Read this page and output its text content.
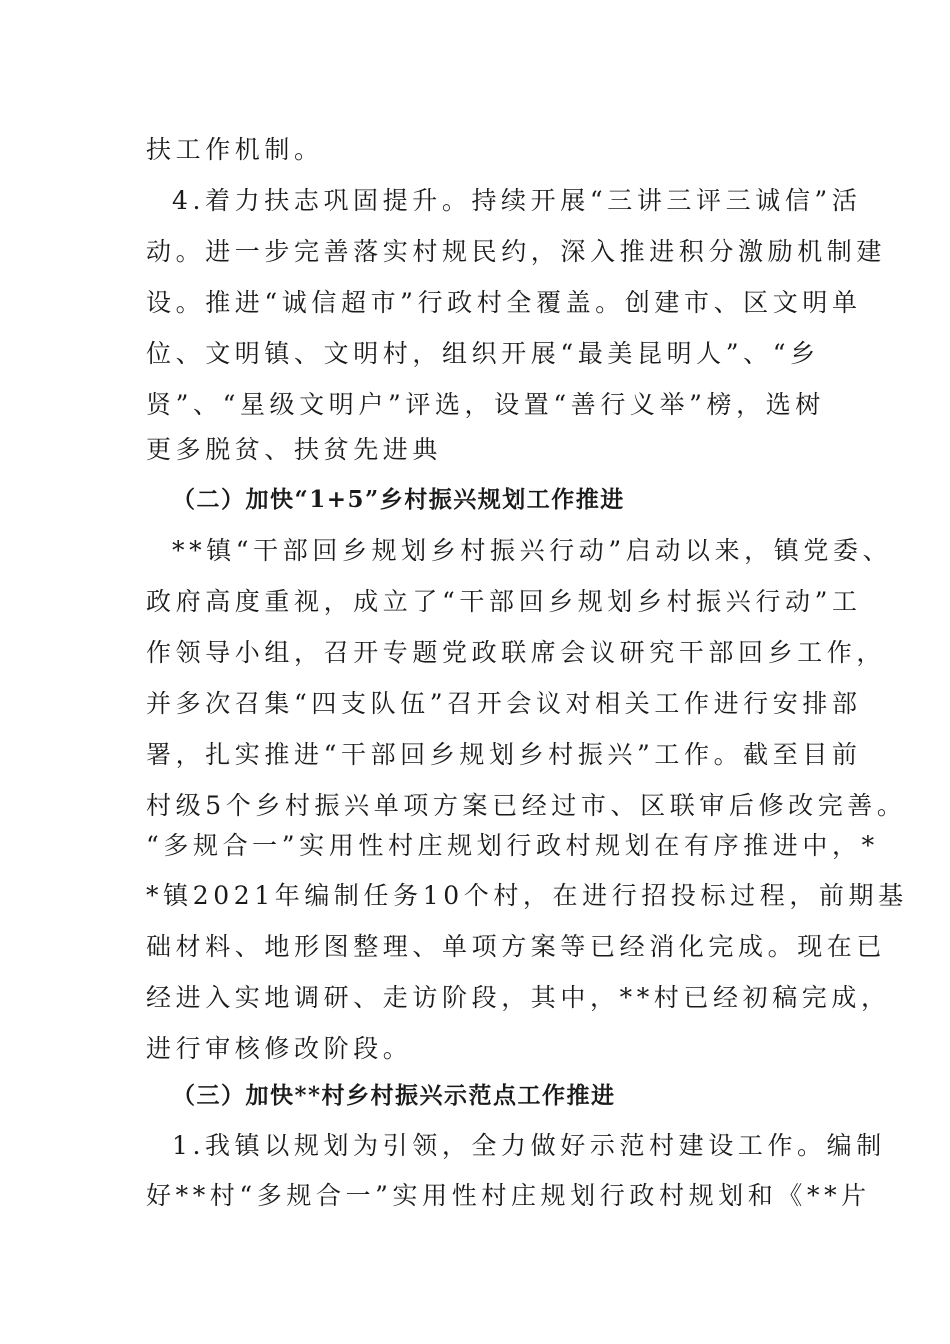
扶工作机制。
4.着力扶志巩固提升。持续开展“三讲三评三诚信”活
动。进一步完善落实村规民约，深入推进积分激励机制建
设。推进“诚信超市”行政村全覆盖。创建市、区文明单
位、文明镇、文明村，组织开展“最美昆明人”、“乡
贤”、“星级文明户”评选，设置“善行义举”榜，选树
更多脱贫、扶贫先进典
（二）加快“1+5”乡村振兴规划工作推进
**镇“干部回乡规划乡村振兴行动”启动以来，镇党委、
政府高度重视，成立了“干部回乡规划乡村振兴行动”工
作领导小组，召开专题党政联席会议研究干部回乡工作，
并多次召集“四支队伍”召开会议对相关工作进行安排部
署，扎实推进“干部回乡规划乡村振兴”工作。截至目前
村级5个乡村振兴单项方案已经过市、区联审后修改完善。
“多规合一”实用性村庄规划行政村规划在有序推进中，*
*镇2021年编制任务10个村，在进行招投标过程，前期基
础材料、地形图整理、单项方案等已经消化完成。现在已
经进入实地调研、走访阶段，其中，**村已经初稿完成，
进行审核修改阶段。
（三）加快**村乡村振兴示范点工作推进
1.我镇以规划为引领，全力做好示范村建设工作。编制
好**村“多规合一”实用性村庄规划行政村规划和《**片
